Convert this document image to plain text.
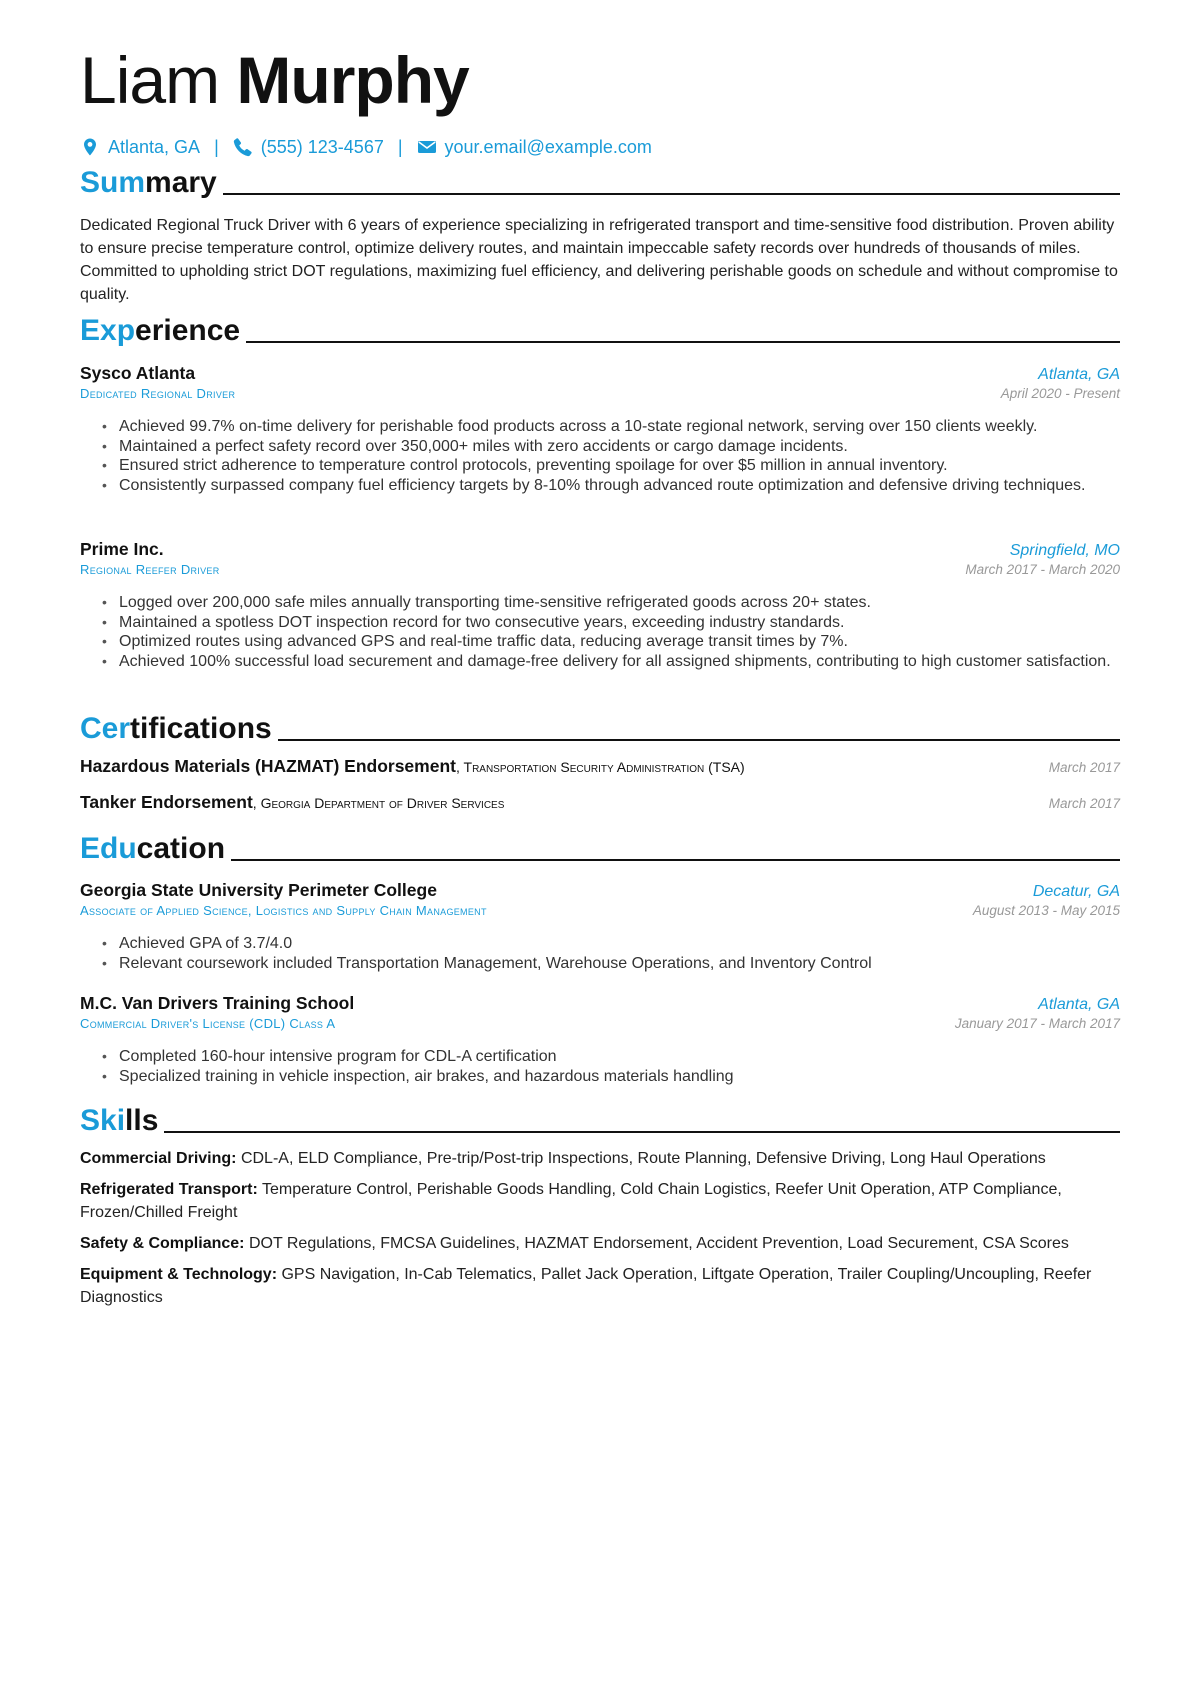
Liam Murphy
Atlanta, GA | (555) 123-4567 | your.email@example.com
Summary
Dedicated Regional Truck Driver with 6 years of experience specializing in refrigerated transport and time-sensitive food distribution. Proven ability to ensure precise temperature control, optimize delivery routes, and maintain impeccable safety records over hundreds of thousands of miles. Committed to upholding strict DOT regulations, maximizing fuel efficiency, and delivering perishable goods on schedule and without compromise to quality.
Experience
Sysco Atlanta	Atlanta, GA
Dedicated Regional Driver	April 2020 - Present
• Achieved 99.7% on-time delivery for perishable food products across a 10-state regional network, serving over 150 clients weekly.
• Maintained a perfect safety record over 350,000+ miles with zero accidents or cargo damage incidents.
• Ensured strict adherence to temperature control protocols, preventing spoilage for over $5 million in annual inventory.
• Consistently surpassed company fuel efficiency targets by 8-10% through advanced route optimization and defensive driving techniques.
Prime Inc.	Springfield, MO
Regional Reefer Driver	March 2017 - March 2020
• Logged over 200,000 safe miles annually transporting time-sensitive refrigerated goods across 20+ states.
• Maintained a spotless DOT inspection record for two consecutive years, exceeding industry standards.
• Optimized routes using advanced GPS and real-time traffic data, reducing average transit times by 7%.
• Achieved 100% successful load securement and damage-free delivery for all assigned shipments, contributing to high customer satisfaction.
Certifications
Hazardous Materials (HAZMAT) Endorsement, Transportation Security Administration (TSA)	March 2017
Tanker Endorsement, Georgia Department of Driver Services	March 2017
Education
Georgia State University Perimeter College	Decatur, GA
Associate of Applied Science, Logistics and Supply Chain Management	August 2013 - May 2015
• Achieved GPA of 3.7/4.0
• Relevant coursework included Transportation Management, Warehouse Operations, and Inventory Control
M.C. Van Drivers Training School	Atlanta, GA
Commercial Driver's License (CDL) Class A	January 2017 - March 2017
• Completed 160-hour intensive program for CDL-A certification
• Specialized training in vehicle inspection, air brakes, and hazardous materials handling
Skills
Commercial Driving: CDL-A, ELD Compliance, Pre-trip/Post-trip Inspections, Route Planning, Defensive Driving, Long Haul Operations
Refrigerated Transport: Temperature Control, Perishable Goods Handling, Cold Chain Logistics, Reefer Unit Operation, ATP Compliance, Frozen/Chilled Freight
Safety & Compliance: DOT Regulations, FMCSA Guidelines, HAZMAT Endorsement, Accident Prevention, Load Securement, CSA Scores
Equipment & Technology: GPS Navigation, In-Cab Telematics, Pallet Jack Operation, Liftgate Operation, Trailer Coupling/Uncoupling, Reefer Diagnostics
